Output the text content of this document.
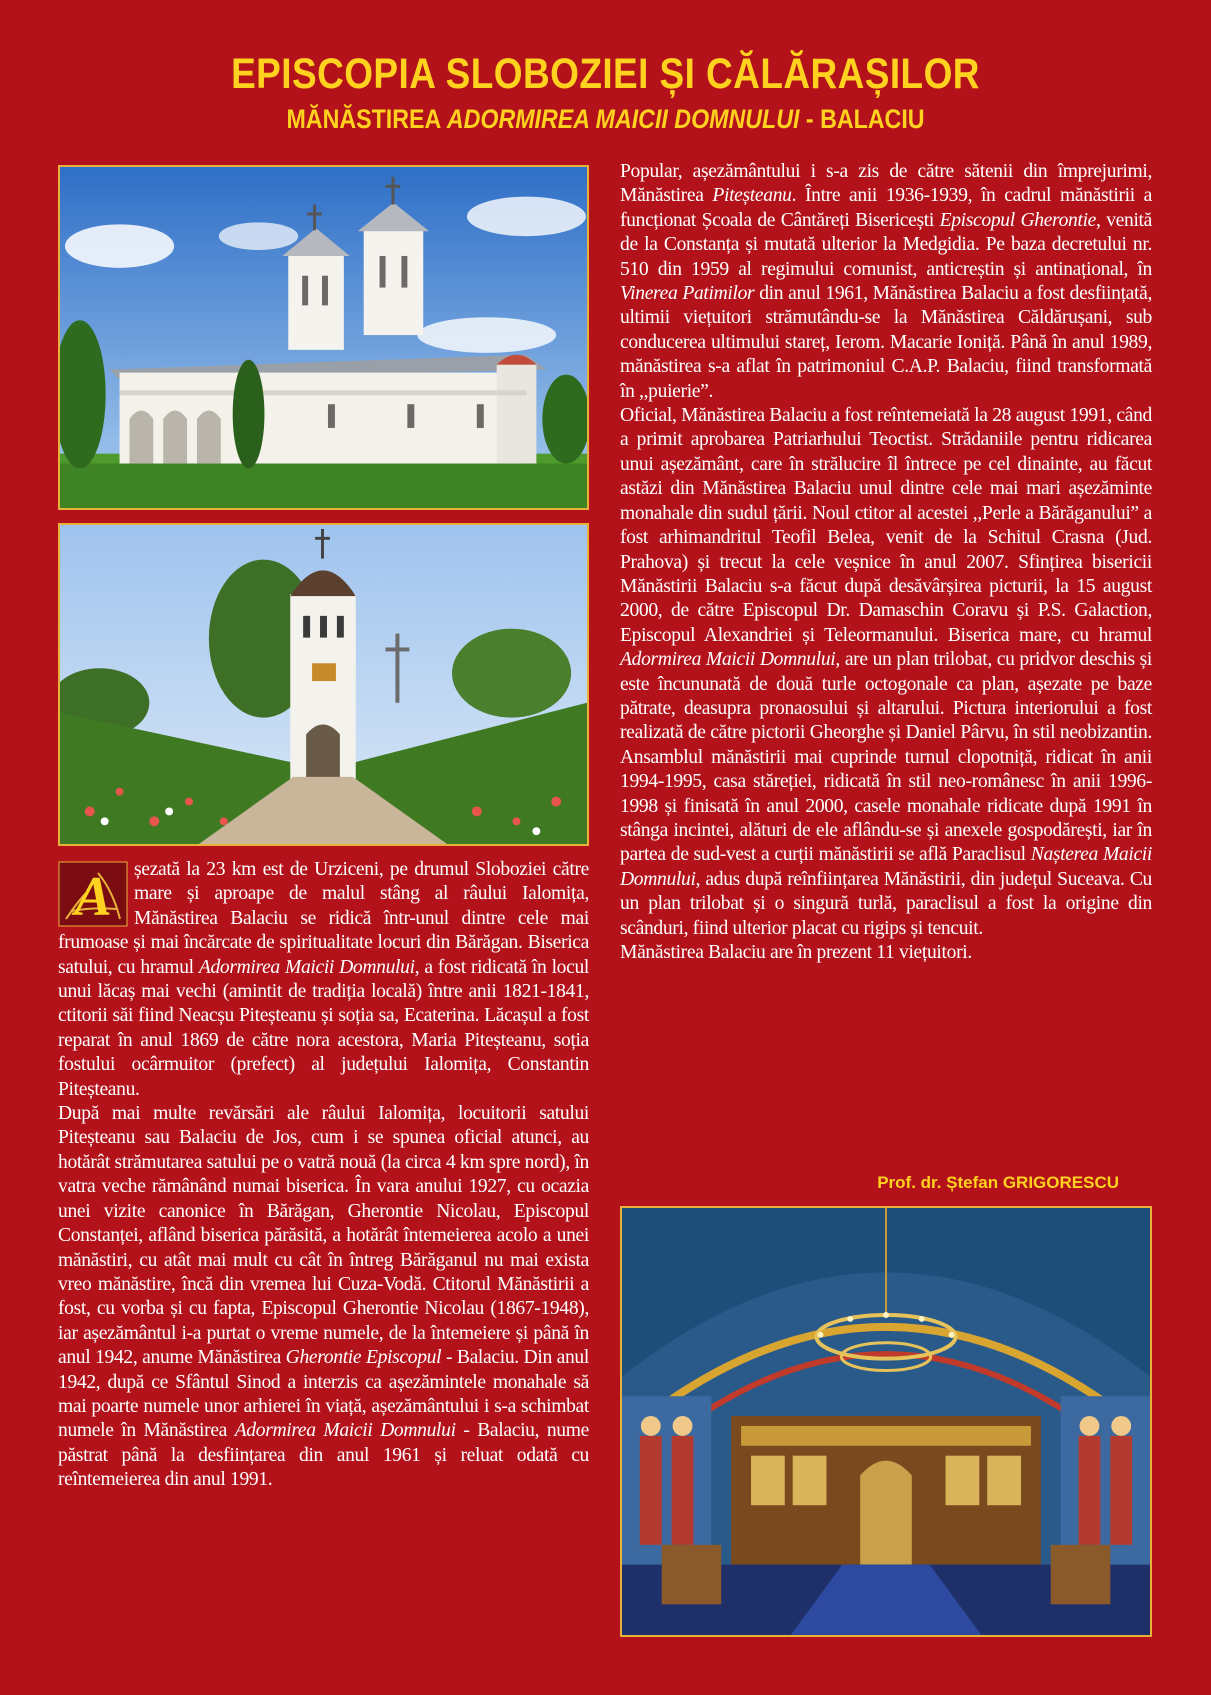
EPISCOPIA SLOBOZIEI ȘI CĂLĂRAȘILOR
MĂNĂSTIREA ADORMIREA MAICII DOMNULUI - BALACIU

A șezată la 23 km est de Urziceni, pe drumul Sloboziei către mare și aproape de malul stâng al râului Ialomița, Mănăstirea Balaciu se ridică într-unul dintre cele mai frumoase și mai încărcate de spiritualitate locuri din Bărăgan. Biserica satului, cu hramul Adormirea Maicii Domnului, a fost ridicată în locul unui lăcaș mai vechi (amintit de tradiția locală) între anii 1821-1841, ctitorii săi fiind Neacșu Piteșteanu și soția sa, Ecaterina. Lăcașul a fost reparat în anul 1869 de către nora acestora, Maria Piteșteanu, soția fostului ocârmuitor (prefect) al județului Ialomița, Constantin Piteșteanu.

După mai multe revărsări ale râului Ialomița, locuitorii satului Piteșteanu sau Balaciu de Jos, cum i se spunea oficial atunci, au hotărât strămutarea satului pe o vatră nouă (la circa 4 km spre nord), în vatra veche rămânând numai biserica. În vara anului 1927, cu ocazia unei vizite canonice în Bărăgan, Gherontie Nicolau, Episcopul Constanței, aflând biserica părăsită, a hotărât întemeierea acolo a unei mănăstiri, cu atât mai mult cu cât în întreg Bărăganul nu mai exista vreo mănăstire, încă din vremea lui Cuza-Vodă. Ctitorul Mănăstirii a fost, cu vorba și cu fapta, Episcopul Gherontie Nicolau (1867-1948), iar așezământul i-a purtat o vreme numele, de la întemeiere și până în anul 1942, anume Mănăstirea Gherontie Episcopul - Balaciu. Din anul 1942, după ce Sfântul Sinod a interzis ca așezămintele monahale să mai poarte numele unor arhierei în viață, așezământului i s-a schimbat numele în Mănăstirea Adormirea Maicii Domnului - Balaciu, nume păstrat până la desființarea din anul 1961 și reluat odată cu reîntemeierea din anul 1991.

Popular, așezământului i s-a zis de către sătenii din împrejurimi, Mănăstirea Piteșteanu. Între anii 1936-1939, în cadrul mănăstirii a funcționat Școala de Cântăreți Bisericești Episcopul Gherontie, venită de la Constanța și mutată ulterior la Medgidia. Pe baza decretului nr. 510 din 1959 al regimului comunist, anticreștin și antinațional, în Vinerea Patimilor din anul 1961, Mănăstirea Balaciu a fost desființată, ultimii viețuitori strămutându-se la Mănăstirea Căldărușani, sub conducerea ultimului stareț, Ierom. Macarie Ioniță. Până în anul 1989, mănăstirea s-a aflat în patrimoniul C.A.P. Balaciu, fiind transformată în ,,puierie”.

Oficial, Mănăstirea Balaciu a fost reîntemeiată la 28 august 1991, când a primit aprobarea Patriarhului Teoctist. Strădaniile pentru ridicarea unui așezământ, care în strălucire îl întrece pe cel dinainte, au făcut astăzi din Mănăstirea Balaciu unul dintre cele mai mari așezăminte monahale din sudul țării. Noul ctitor al acestei ,,Perle a Bărăganului” a fost arhimandritul Teofil Belea, venit de la Schitul Crasna (Jud. Prahova) și trecut la cele veșnice în anul 2007. Sfințirea bisericii Mănăstirii Balaciu s-a făcut după desăvârșirea picturii, la 15 august 2000, de către Episcopul Dr. Damaschin Coravu și P.S. Galaction, Episcopul Alexandriei și Teleormanului. Biserica mare, cu hramul Adormirea Maicii Domnului, are un plan trilobat, cu pridvor deschis și este încununată de două turle octogonale ca plan, așezate pe baze pătrate, deasupra pronaosului și altarului. Pictura interiorului a fost realizată de către pictorii Gheorghe și Daniel Pârvu, în stil neobizantin. Ansamblul mănăstirii mai cuprinde turnul clopotniță, ridicat în anii 1994-1995, casa stăreției, ridicată în stil neo-românesc în anii 1996-1998 și finisată în anul 2000, casele monahale ridicate după 1991 în stânga incintei, alături de ele aflându-se și anexele gospodărești, iar în partea de sud-vest a curții mănăstirii se află Paraclisul Nașterea Maicii Domnului, adus după reînființarea Mănăstirii, din județul Suceava. Cu un plan trilobat și o singură turlă, paraclisul a fost la origine din scânduri, fiind ulterior placat cu rigips și tencuit.

Mănăstirea Balaciu are în prezent 11 viețuitori.

Prof. dr. Ștefan GRIGORESCU
